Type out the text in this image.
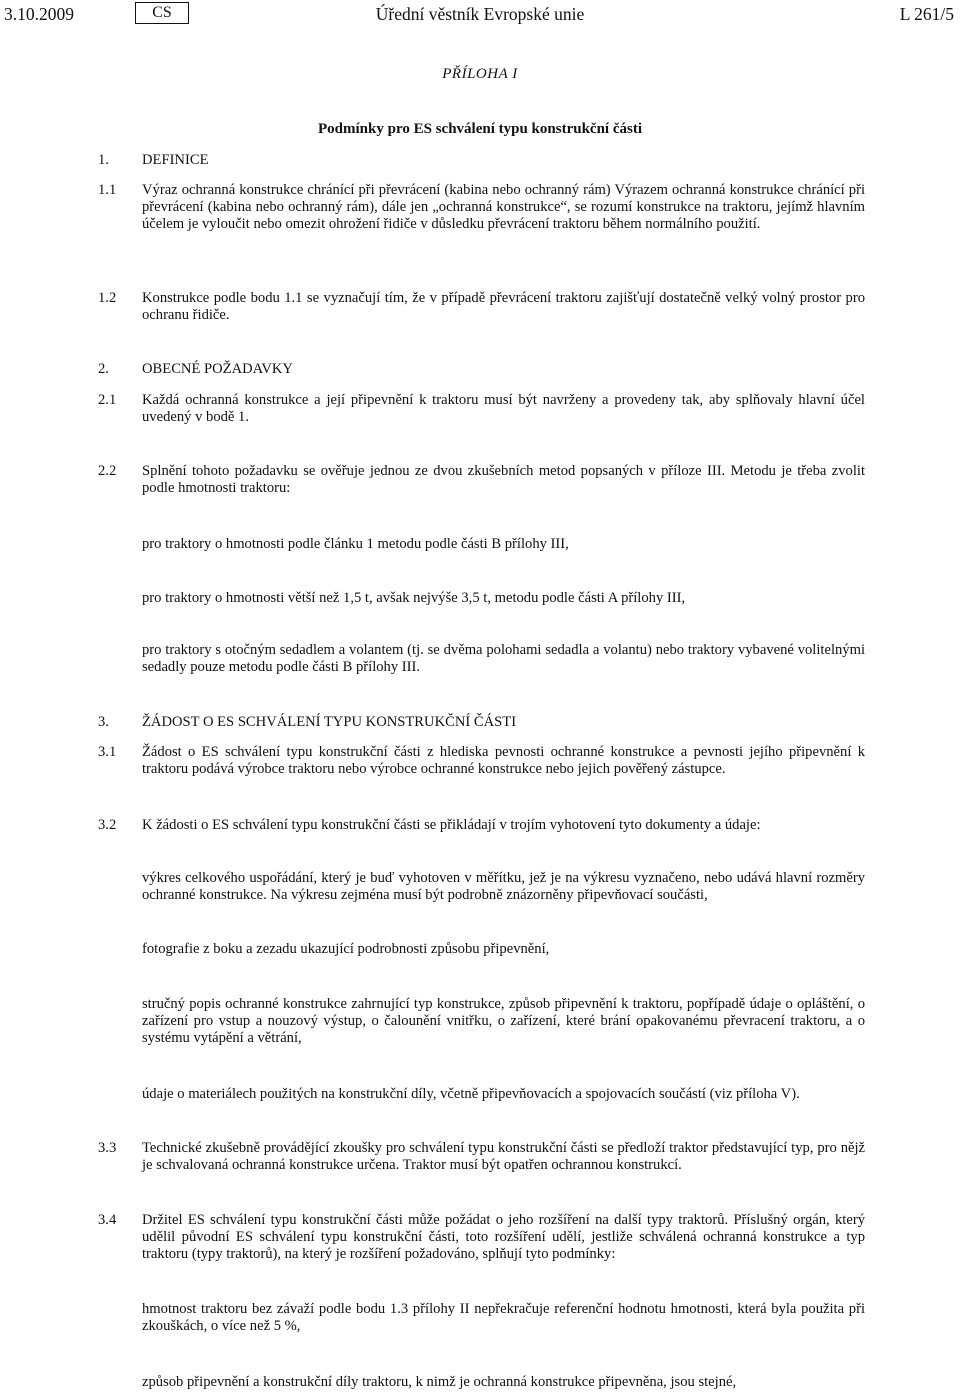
3.10.2009	CS	Úřední věstník Evropské unie	L 261/5
PŘÍLOHA I
Podmínky pro ES schválení typu konstrukční části
1. DEFINICE
1.1 Výraz ochranná konstrukce chránící při převrácení (kabina nebo ochranný rám) Výrazem ochranná konstrukce chránící při převrácení (kabina nebo ochranný rám), dále jen „ochranná konstrukce“, se rozumí konstrukce na traktoru, jejímž hlavním účelem je vyloučit nebo omezit ohrožení řidiče v důsledku převrácení traktoru během normálního použití.
1.2 Konstrukce podle bodu 1.1 se vyznačují tím, že v případě převrácení traktoru zajišťují dostatečně velký volný prostor pro ochranu řidiče.
2. OBECNÉ POŽADAVKY
2.1 Každá ochranná konstrukce a její připevnění k traktoru musí být navrženy a provedeny tak, aby splňovaly hlavní účel uvedený v bodě 1.
2.2 Splnění tohoto požadavku se ověřuje jednou ze dvou zkušebních metod popsaných v příloze III. Metodu je třeba zvolit podle hmotnosti traktoru:
pro traktory o hmotnosti podle článku 1 metodu podle části B přílohy III,
pro traktory o hmotnosti větší než 1,5 t, avšak nejvýše 3,5 t, metodu podle části A přílohy III,
pro traktory s otočným sedadlem a volantem (tj. se dvěma polohami sedadla a volantu) nebo traktory vybavené volitelnými sedadly pouze metodu podle části B přílohy III.
3. ŽÁDOST O ES SCHVÁLENÍ TYPU KONSTRUKČNÍ ČÁSTI
3.1 Žádost o ES schválení typu konstrukční části z hlediska pevnosti ochranné konstrukce a pevnosti jejího připevnění k traktoru podává výrobce traktoru nebo výrobce ochranné konstrukce nebo jejich pověřený zástupce.
3.2 K žádosti o ES schválení typu konstrukční části se přikládají v trojím vyhotovení tyto dokumenty a údaje:
výkres celkového uspořádání, který je buď vyhotoven v měřítku, jež je na výkresu vyznačeno, nebo udává hlavní rozměry ochranné konstrukce. Na výkresu zejména musí být podrobně znázorněny připevňovací součásti,
fotografie z boku a zezadu ukazující podrobnosti způsobu připevnění,
stručný popis ochranné konstrukce zahrnující typ konstrukce, způsob připevnění k traktoru, popřípadě údaje o opláštění, o zařízení pro vstup a nouzový výstup, o čalounění vnitřku, o zařízení, které brání opakovanému převracení traktoru, a o systému vytápění a větrání,
údaje o materiálech použitých na konstrukční díly, včetně připevňovacích a spojovacích součástí (viz příloha V).
3.3 Technické zkušebně provádějící zkoušky pro schválení typu konstrukční části se předloží traktor představující typ, pro nějž je schvalovaná ochranná konstrukce určena. Traktor musí být opatřen ochrannou konstrukcí.
3.4 Držitel ES schválení typu konstrukční části může požádat o jeho rozšíření na další typy traktorů. Příslušný orgán, který udělil původní ES schválení typu konstrukční části, toto rozšíření udělí, jestliže schválená ochranná konstrukce a typ traktoru (typy traktorů), na který je rozšíření požadováno, splňují tyto podmínky:
hmotnost traktoru bez závaží podle bodu 1.3 přílohy II nepřekračuje referenční hodnotu hmotnosti, která byla použita při zkouškách, o více než 5 %,
způsob připevnění a konstrukční díly traktoru, k nimž je ochranná konstrukce připevněna, jsou stejné,
